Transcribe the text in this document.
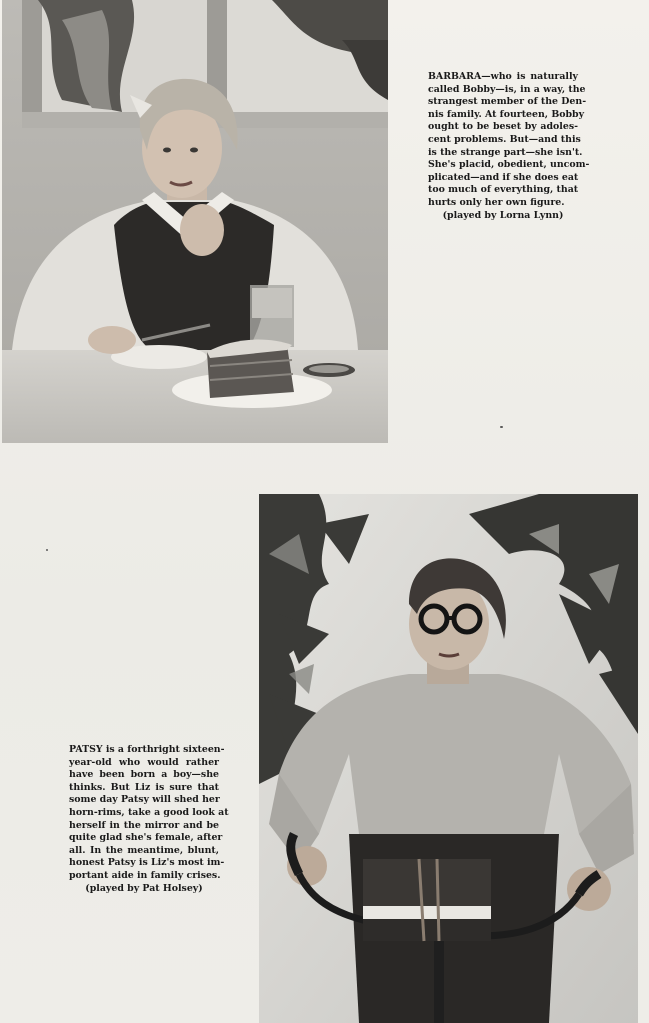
BARBARA—who is naturally
called Bobby—is, in a way, the
strangest member of the Den-
nis family. At fourteen, Bobby
ought to be beset by adoles-
cent problems. But—and this
is the strange part—she isn't.
She's placid, obedient, uncom-
plicated—and if she does eat
too much of everything, that
hurts only her own figure.
(played by Lorna Lynn)
PATSY is a forthright sixteen-
year-old who would rather
have been born a boy—she
thinks. But Liz is sure that
some day Patsy will shed her
horn-rims, take a good look at
herself in the mirror and be
quite glad she's female, after
all. In the meantime, blunt,
honest Patsy is Liz's most im-
portant aide in family crises.
(played by Pat Holsey)
